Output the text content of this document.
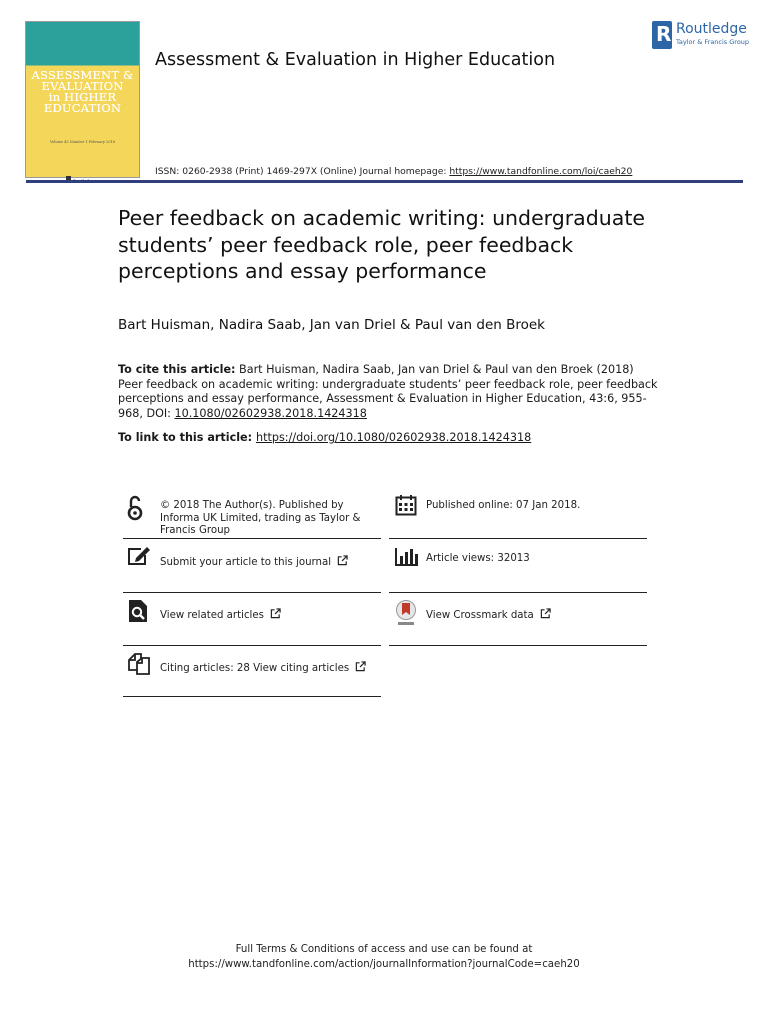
ASSESSMENT &
EVALUATION
in HIGHER
EDUCATION
Volume 43 Number 1 February 2018
Assessment & Evaluation in Higher Education
R Routledge
Taylor & Francis Group
ISSN: 0260-2938 (Print) 1469-297X (Online) Journal homepage: https://www.tandfonline.com/loi/caeh20
Peer feedback on academic writing: undergraduate students’ peer feedback role, peer feedback perceptions and essay performance
Bart Huisman, Nadira Saab, Jan van Driel & Paul van den Broek
To cite this article: Bart Huisman, Nadira Saab, Jan van Driel & Paul van den Broek (2018) Peer feedback on academic writing: undergraduate students’ peer feedback role, peer feedback perceptions and essay performance, Assessment & Evaluation in Higher Education, 43:6, 955-968, DOI: 10.1080/02602938.2018.1424318
To link to this article: https://doi.org/10.1080/02602938.2018.1424318
© 2018 The Author(s). Published by Informa UK Limited, trading as Taylor & Francis Group
Published online: 07 Jan 2018.
Submit your article to this journal	Article views: 32013
View related articles	View Crossmark data
Citing articles: 28 View citing articles
Full Terms & Conditions of access and use can be found at
https://www.tandfonline.com/action/journalInformation?journalCode=caeh20
